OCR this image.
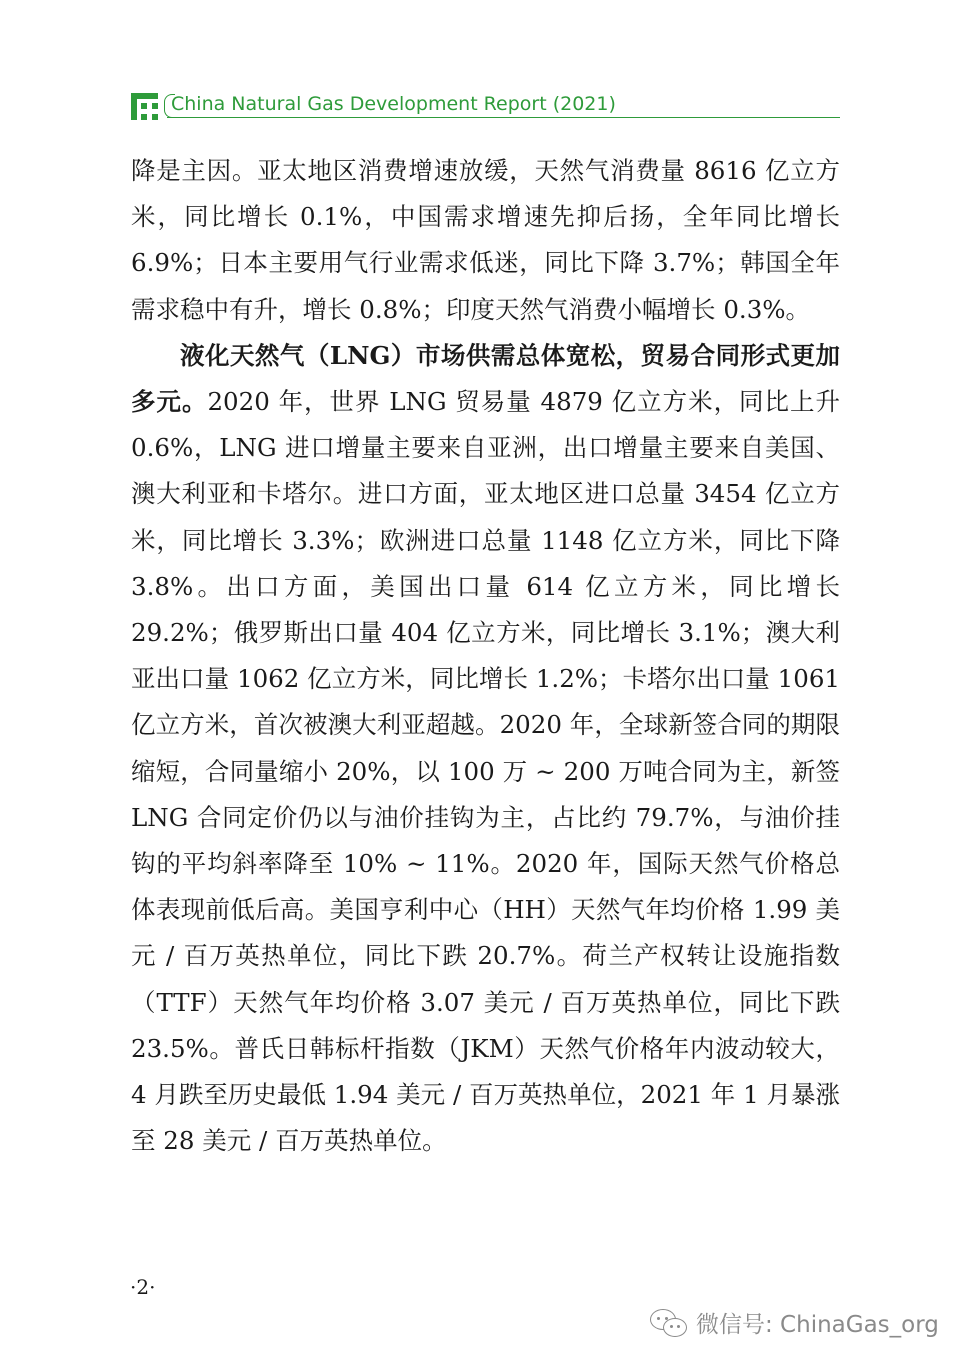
China Natural Gas Development Report (2021)

降是主因。亚太地区消费增速放缓，天然气消费量 8616 亿立方米，同比增长 0.1%，中国需求增速先抑后扬，全年同比增长 6.9%；日本主要用气行业需求低迷，同比下降 3.7%；韩国全年需求稳中有升，增长 0.8%；印度天然气消费小幅增长 0.3%。

液化天然气（LNG）市场供需总体宽松，贸易合同形式更加多元。2020 年，世界 LNG 贸易量 4879 亿立方米，同比上升 0.6%，LNG 进口增量主要来自亚洲，出口增量主要来自美国、澳大利亚和卡塔尔。进口方面，亚太地区进口总量 3454 亿立方米，同比增长 3.3%；欧洲进口总量 1148 亿立方米，同比下降 3.8%。出口方面，美国出口量 614 亿立方米，同比增长 29.2%；俄罗斯出口量 404 亿立方米，同比增长 3.1%；澳大利亚出口量 1062 亿立方米，同比增长 1.2%；卡塔尔出口量 1061 亿立方米，首次被澳大利亚超越。2020 年，全球新签合同的期限缩短，合同量缩小 20%，以 100 万 ~ 200 万吨合同为主，新签 LNG 合同定价仍以与油价挂钩为主，占比约 79.7%，与油价挂钩的平均斜率降至 10% ~ 11%。2020 年，国际天然气价格总体表现前低后高。美国亨利中心（HH）天然气年均价格 1.99 美元 / 百万英热单位，同比下跌 20.7%。荷兰产权转让设施指数（TTF）天然气年均价格 3.07 美元 / 百万英热单位，同比下跌 23.5%。普氏日韩标杆指数（JKM）天然气价格年内波动较大，4 月跌至历史最低 1.94 美元 / 百万英热单位，2021 年 1 月暴涨至 28 美元 / 百万英热单位。

·2·
微信号: ChinaGas_org
